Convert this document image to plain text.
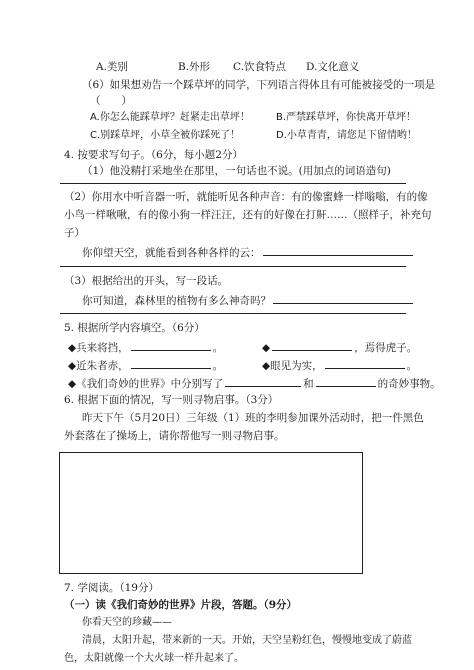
A.类别	B.外形 C.饮食特点 D.文化意义
（6）如果想劝告一个踩草坪的同学，下列语言得体且有可能被接受的一项是
（　　）
A.你怎么能踩草坪？赶紧走出草坪！	B.严禁踩草坪，你快离开草坪！
C.别踩草坪，小草全被你踩死了！	D.小草青青，请您足下留情哟！
4. 按要求写句子。（6分，每小题2分）
（1）他没精打采地坐在那里，一句话也不说。(用加点的词语造句)
（2）你用水中听音器一听，就能听见各种声音：有的像蜜蜂一样嗡嗡，有的像
小鸟一样啾啾，有的像小狗一样汪汪，还有的好像在打鼾……（照样子，补充句
子）
你仰望天空，就能看到各种各样的云：
（3）根据给出的开头，写一段话。
你可知道，森林里的植物有多么神奇吗？
5. 根据所学内容填空。（6分）
◆兵来将挡，	。	◆	，焉得虎子。
◆近朱者赤，	。	◆眼见为实，	。
◆《我们奇妙的世界》中分别写了	和	的奇妙事物。
6. 根据下面的情况，写一则寻物启事。（3分）
昨天下午（5月20日）三年级（1）班的李明参加课外活动时，把一件黑色
外套落在了操场上，请你帮他写一则寻物启事。
7. 学阅读。（19分）
（一）读《我们奇妙的世界》片段，答题。（9分）
你看天空的珍藏——
清晨，太阳升起，带来新的一天。开始，天空呈粉红色，慢慢地变成了蔚蓝
色，太阳就像一个大火球一样升起来了。
